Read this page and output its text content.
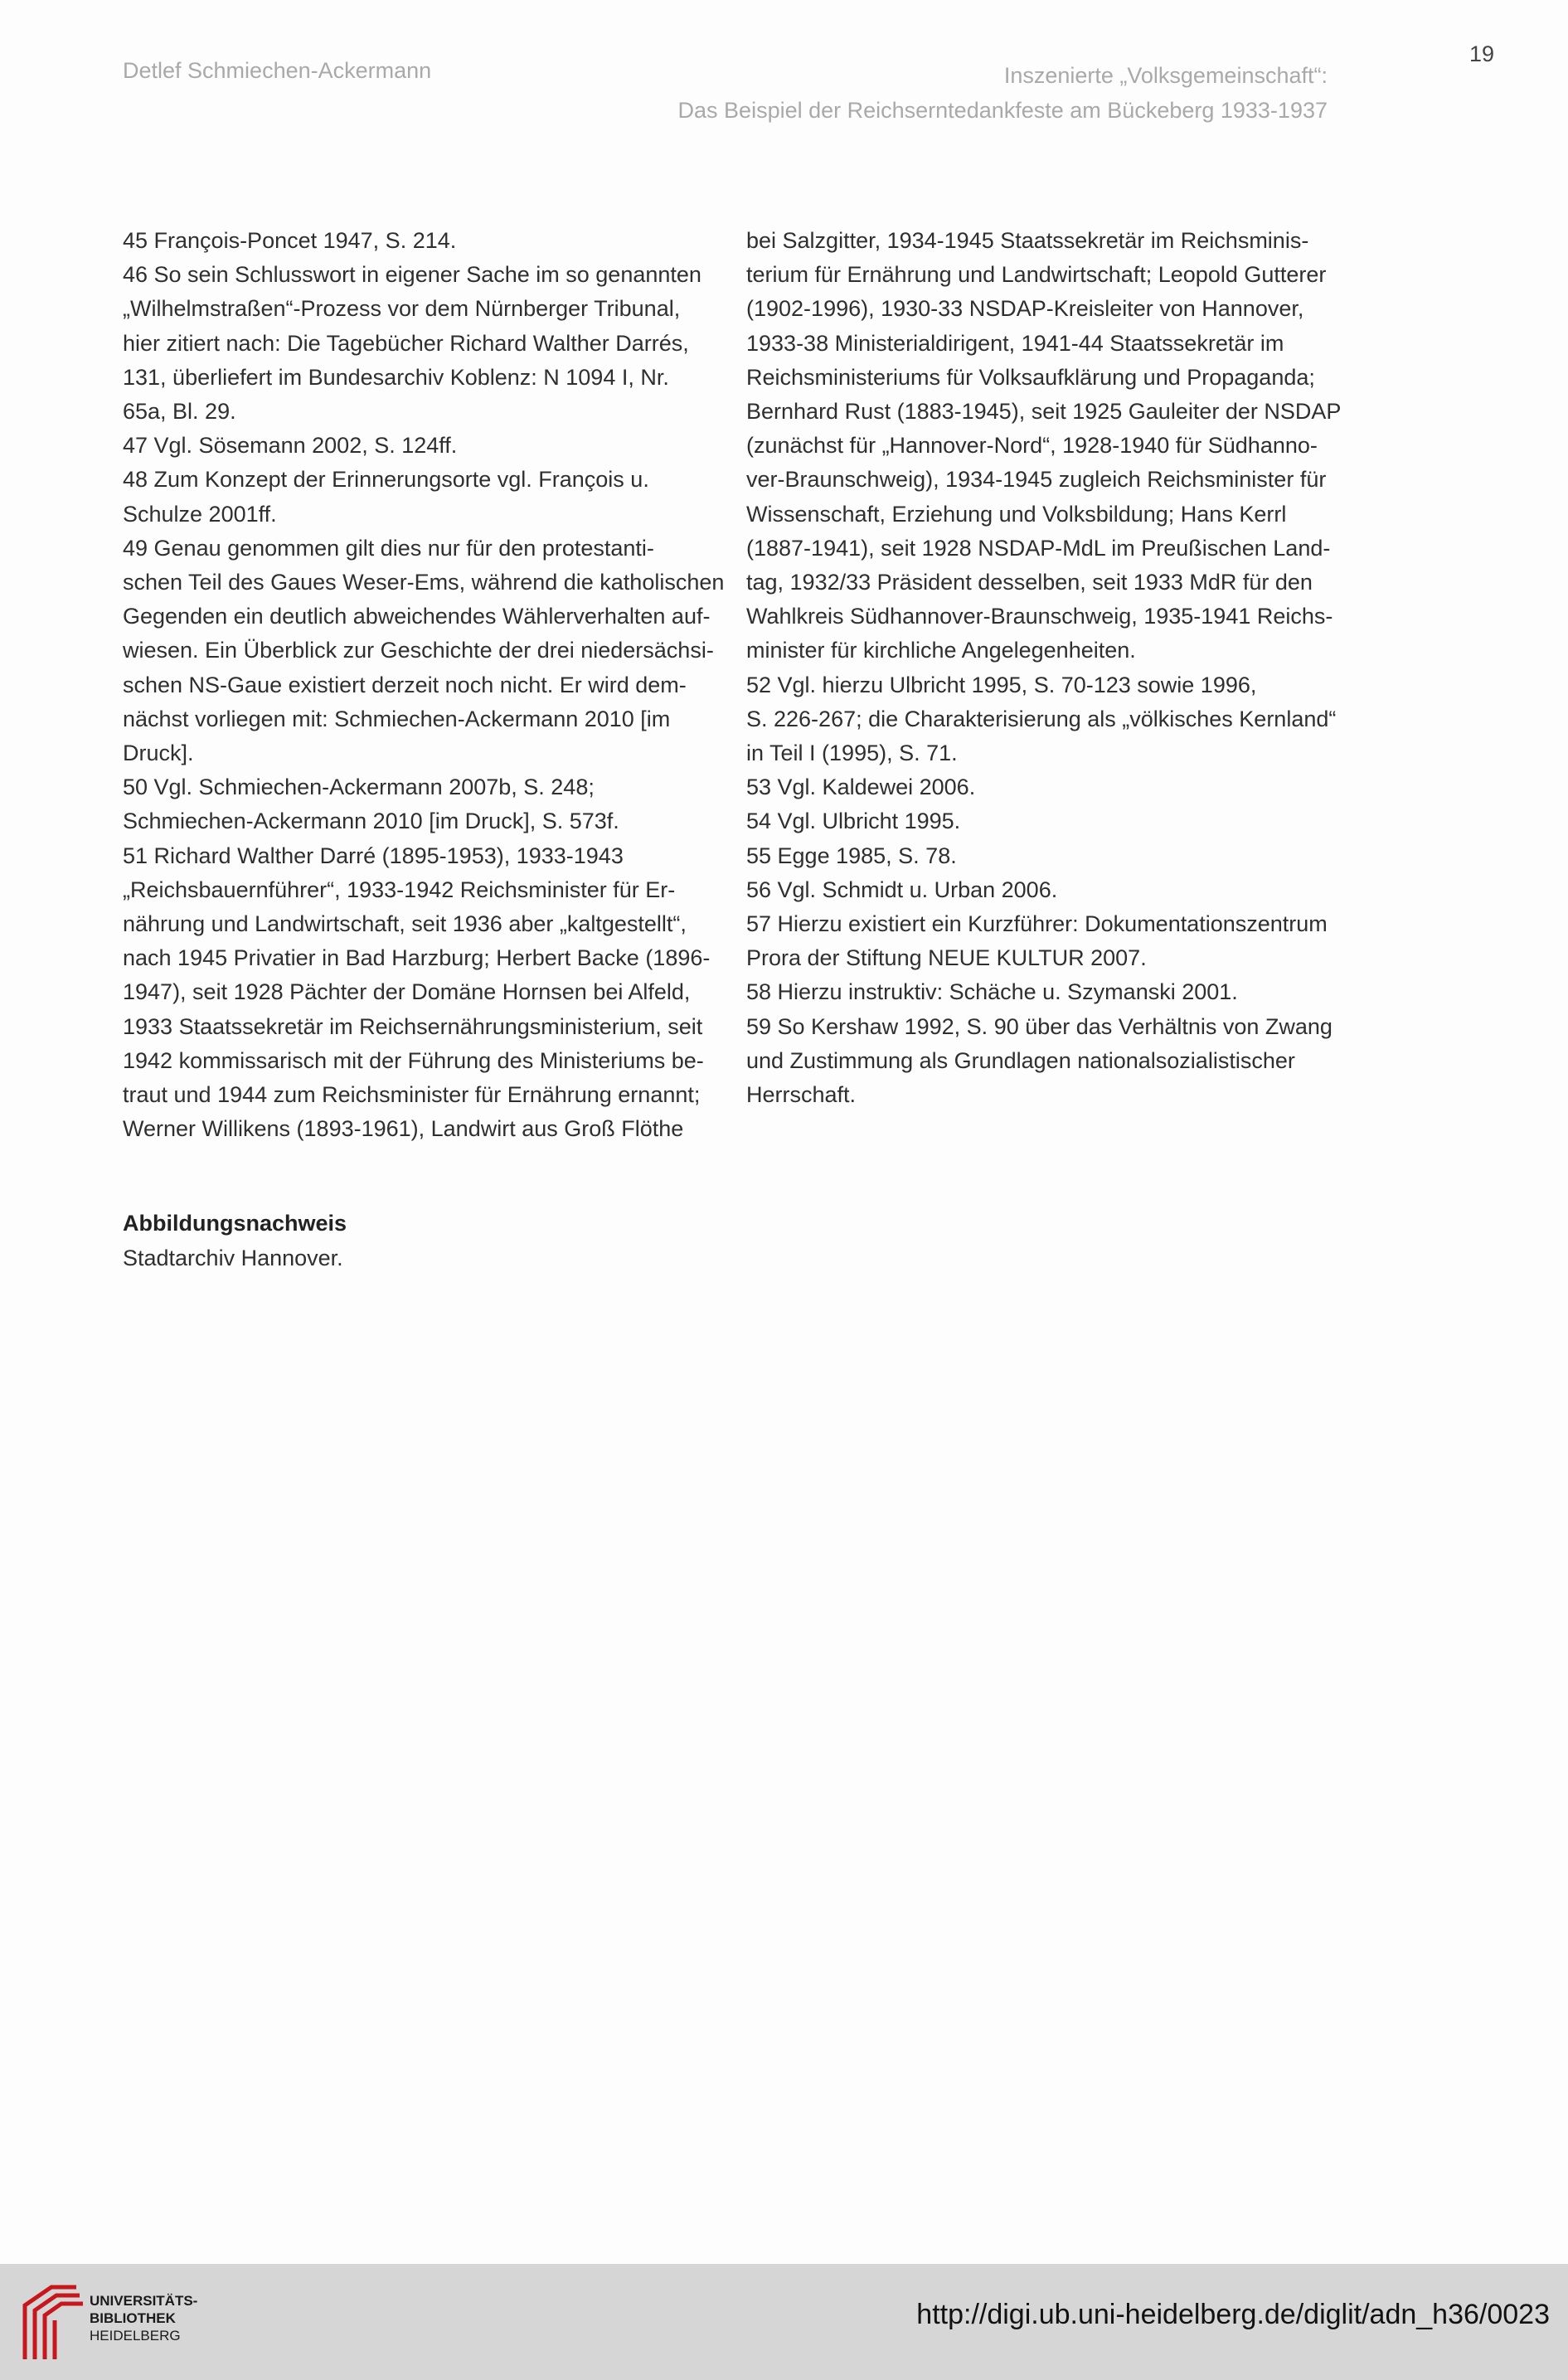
Detlef Schmiechen-Ackermann	Inszenierte „Volksgemeinschaft“:
Das Beispiel der Reichserntedankfeste am Bückeberg 1933-1937
19
45 François-Poncet 1947, S. 214.
46 So sein Schlusswort in eigener Sache im so genannten
„Wilhelmstraßen“-Prozess vor dem Nürnberger Tribunal,
hier zitiert nach: Die Tagebücher Richard Walther Darrés,
131, überliefert im Bundesarchiv Koblenz: N 1094 I, Nr.
65a, Bl. 29.
47 Vgl. Sösemann 2002, S. 124ff.
48 Zum Konzept der Erinnerungsorte vgl. François u.
Schulze 2001ff.
49 Genau genommen gilt dies nur für den protestanti-
schen Teil des Gaues Weser-Ems, während die katholischen
Gegenden ein deutlich abweichendes Wählerverhalten auf-
wiesen. Ein Überblick zur Geschichte der drei niedersächsi-
schen NS-Gaue existiert derzeit noch nicht. Er wird dem-
nächst vorliegen mit: Schmiechen-Ackermann 2010 [im
Druck].
50 Vgl. Schmiechen-Ackermann 2007b, S. 248;
Schmiechen-Ackermann 2010 [im Druck], S. 573f.
51 Richard Walther Darré (1895-1953), 1933-1943
„Reichsbauernführer“, 1933-1942 Reichsminister für Er-
nährung und Landwirtschaft, seit 1936 aber „kaltgestellt“,
nach 1945 Privatier in Bad Harzburg; Herbert Backe (1896-
1947), seit 1928 Pächter der Domäne Hornsen bei Alfeld,
1933 Staatssekretär im Reichsernährungsministerium, seit
1942 kommissarisch mit der Führung des Ministeriums be-
traut und 1944 zum Reichsminister für Ernährung ernannt;
Werner Willikens (1893-1961), Landwirt aus Groß Flöthe
bei Salzgitter, 1934-1945 Staatssekretär im Reichsminis-
terium für Ernährung und Landwirtschaft; Leopold Gutterer
(1902-1996), 1930-33 NSDAP-Kreisleiter von Hannover,
1933-38 Ministerialdirigent, 1941-44 Staatssekretär im
Reichsministeriums für Volksaufklärung und Propaganda;
Bernhard Rust (1883-1945), seit 1925 Gauleiter der NSDAP
(zunächst für „Hannover-Nord“, 1928-1940 für Südhanno-
ver-Braunschweig), 1934-1945 zugleich Reichsminister für
Wissenschaft, Erziehung und Volksbildung; Hans Kerrl
(1887-1941), seit 1928 NSDAP-MdL im Preußischen Land-
tag, 1932/33 Präsident desselben, seit 1933 MdR für den
Wahlkreis Südhannover-Braunschweig, 1935-1941 Reichs-
minister für kirchliche Angelegenheiten.
52 Vgl. hierzu Ulbricht 1995, S. 70-123 sowie 1996,
S. 226-267; die Charakterisierung als „völkisches Kernland“
in Teil I (1995), S. 71.
53 Vgl. Kaldewei 2006.
54 Vgl. Ulbricht 1995.
55 Egge 1985, S. 78.
56 Vgl. Schmidt u. Urban 2006.
57 Hierzu existiert ein Kurzführer: Dokumentationszentrum
Prora der Stiftung NEUE KULTUR 2007.
58 Hierzu instruktiv: Schäche u. Szymanski 2001.
59 So Kershaw 1992, S. 90 über das Verhältnis von Zwang
und Zustimmung als Grundlagen nationalsozialistischer
Herrschaft.
Abbildungsnachweis
Stadtarchiv Hannover.
UNIVERSITÄTS-
BIBLIOTHEK
HEIDELBERG
http://digi.ub.uni-heidelberg.de/diglit/adn_h36/0023
